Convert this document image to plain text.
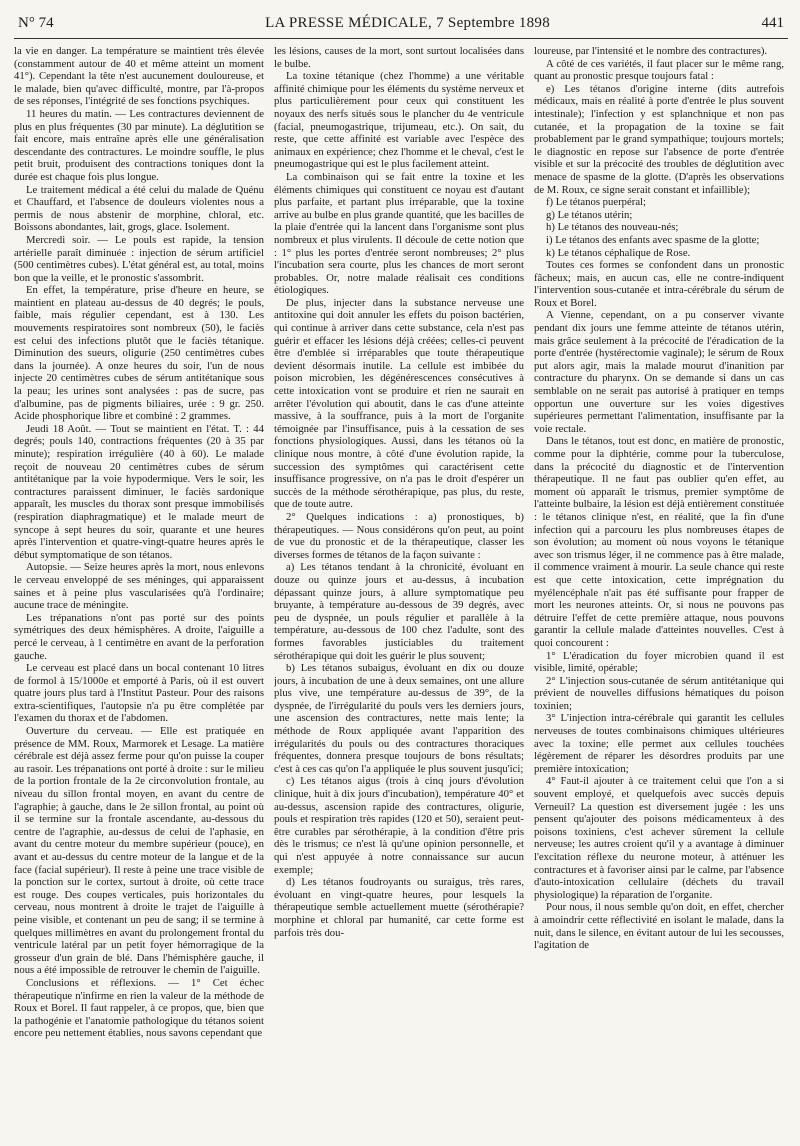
N° 74	LA PRESSE MÉDICALE, 7 Septembre 1898	441

la vie en danger. La température se maintient très élevée (constamment autour de 40 et même atteint un moment 41°). Cependant la tête n'est aucunement douloureuse, et le malade, bien qu'avec difficulté, montre, par l'à-propos de ses réponses, l'intégrité de ses fonctions psychiques.

11 heures du matin. — Les contractures deviennent de plus en plus fréquentes (30 par minute). La déglutition se fait encore, mais entraîne après elle une généralisation descendante des contractures. Le moindre souffle, le plus petit bruit, produisent des contractions toniques dont la durée est chaque fois plus longue.

Le traitement médical a été celui du malade de Quénu et Chauffard, et l'absence de douleurs violentes nous a permis de nous abstenir de morphine, chloral, etc. Boissons abondantes, lait, grogs, glace. Isolement.

Mercredi soir. — Le pouls est rapide, la tension artérielle paraît diminuée : injection de sérum artificiel (500 centimètres cubes). L'état général est, au total, moins bon que la veille, et le pronostic s'assombrit.

En effet, la température, prise d'heure en heure, se maintient en plateau au-dessus de 40 degrés; le pouls, faible, mais régulier cependant, est à 130. Les mouvements respiratoires sont nombreux (50), le faciès est celui des infections plutôt que le faciès tétanique. Diminution des sueurs, oligurie (250 centimètres cubes dans la journée). A onze heures du soir, l'un de nous injecte 20 centimètres cubes de sérum antitétanique sous la peau; les urines sont analysées : pas de sucre, pas d'albumine, pas de pigments biliaires, urée : 9 gr. 250. Acide phosphorique libre et combiné : 2 grammes.

Jeudi 18 Août. — Tout se maintient en l'état. T. : 44 degrés; pouls 140, contractions fréquentes (20 à 35 par minute); respiration irrégulière (40 à 60). Le malade reçoit de nouveau 20 centimètres cubes de sérum antitétanique par la voie hypodermique. Vers le soir, les contractures paraissent diminuer, le faciès sardonique apparaît, les muscles du thorax sont presque immobilisés (respiration diaphragmatique) et le malade meurt de syncope à sept heures du soir, quarante et une heures après l'intervention et quatre-vingt-quatre heures après le début symptomatique de son tétanos.

Autopsie. — Seize heures après la mort, nous enlevons le cerveau enveloppé de ses méninges, qui apparaissent saines et à peine plus vascularisées qu'à l'ordinaire; aucune trace de méningite.

Les trépanations n'ont pas porté sur des points symétriques des deux hémisphères. A droite, l'aiguille a percé le cerveau, à 1 centimètre en avant de la perforation gauche.

Le cerveau est placé dans un bocal contenant 10 litres de formol à 15/1000e et emporté à Paris, où il est ouvert quatre jours plus tard à l'Institut Pasteur. Pour des raisons extra-scientifiques, l'autopsie n'a pu être complétée par l'examen du thorax et de l'abdomen.

Ouverture du cerveau. — Elle est pratiquée en présence de MM. Roux, Marmorek et Lesage. La matière cérébrale est déjà assez ferme pour qu'on puisse la couper au rasoir. Les trépanations ont porté à droite : sur le milieu de la portion frontale de la 2e circonvolution frontale, au niveau du sillon frontal moyen, en avant du centre de l'agraphie; à gauche, dans le 2e sillon frontal, au point où il se termine sur la frontale ascendante, au-dessous du centre de l'agraphie, au-dessus de celui de l'aphasie, en avant du centre moteur du membre supérieur (pouce), en avant et au-dessus du centre moteur de la langue et de la face (facial supérieur). Il reste à peine une trace visible de la ponction sur le cortex, surtout à droite, où cette trace est rouge. Des coupes verticales, puis horizontales du cerveau, nous montrent à droite le trajet de l'aiguille à peine visible, et contenant un peu de sang; il se termine à quelques millimètres en avant du prolongement frontal du ventricule latéral par un petit foyer hémorragique de la grosseur d'un grain de blé. Dans l'hémisphère gauche, il nous a été impossible de retrouver le chemin de l'aiguille.

Conclusions et réflexions. — 1° Cet échec thérapeutique n'infirme en rien la valeur de la méthode de Roux et Borel. Il faut rappeler, à ce propos, que, bien que la pathogénie et l'anatomie pathologique du tétanos soient encore peu nettement établies, nous savons cependant que

les lésions, causes de la mort, sont surtout localisées dans le bulbe.

La toxine tétanique (chez l'homme) a une véritable affinité chimique pour les éléments du système nerveux et plus particulièrement pour ceux qui constituent les noyaux des nerfs situés sous le plancher du 4e ventricule (facial, pneumogastrique, trijumeau, etc.). On sait, du reste, que cette affinité est variable avec l'espèce des animaux en expérience; chez l'homme et le cheval, c'est le pneumogastrique qui est le plus facilement atteint.

La combinaison qui se fait entre la toxine et les éléments chimiques qui constituent ce noyau est d'autant plus parfaite, et partant plus irréparable, que la toxine arrive au bulbe en plus grande quantité, que les bacilles de la plaie d'entrée qui la lancent dans l'organisme sont plus nombreux et plus virulents. Il découle de cette notion que : 1° plus les portes d'entrée seront nombreuses; 2° plus l'incubation sera courte, plus les chances de mort seront probables. Or, notre malade réalisait ces conditions étiologiques.

De plus, injecter dans la substance nerveuse une antitoxine qui doit annuler les effets du poison bactérien, qui continue à arriver dans cette substance, cela n'est pas guérir et effacer les lésions déjà créées; celles-ci peuvent être d'emblée si irréparables que toute thérapeutique devient désormais inutile. La cellule est imbibée du poison microbien, les dégénérescences consécutives à cette intoxication vont se produire et rien ne saurait en arrêter l'évolution qui aboutit, dans le cas d'une atteinte massive, à la souffrance, puis à la mort de l'organite témoignée par l'insuffisance, puis à la cessation de ses fonctions physiologiques. Aussi, dans les tétanos où la clinique nous montre, à côté d'une évolution rapide, la succession des symptômes qui caractérisent cette insuffisance progressive, on n'a pas le droit d'espérer un succès de la méthode sérothérapique, pas plus, du reste, que de toute autre.

2° Quelques indications : a) pronostiques, b) thérapeutiques. — Nous considérons qu'on peut, au point de vue du pronostic et de la thérapeutique, classer les diverses formes de tétanos de la façon suivante :

a) Les tétanos tendant à la chronicité, évoluant en douze ou quinze jours et au-dessus, à incubation dépassant quinze jours, à allure symptomatique peu bruyante, à température au-dessous de 39 degrés, avec peu de dyspnée, un pouls régulier et parallèle à la température, au-dessous de 100 chez l'adulte, sont des formes favorables justiciables du traitement sérothérapique qui doit les guérir le plus souvent;

b) Les tétanos subaigus, évoluant en dix ou douze jours, à incubation de une à deux semaines, ont une allure plus vive, une température au-dessus de 39°, de la dyspnée, de l'irrégularité du pouls vers les derniers jours, une ascension des contractures, nette mais lente; la méthode de Roux appliquée avant l'apparition des irrégularités du pouls ou des contractures thoraciques fréquentes, donnera presque toujours de bons résultats; c'est à ces cas qu'on l'a appliquée le plus souvent jusqu'ici;

c) Les tétanos aigus (trois à cinq jours d'évolution clinique, huit à dix jours d'incubation), température 40° et au-dessus, ascension rapide des contractures, oligurie, pouls et respiration très rapides (120 et 50), seraient peut-être curables par sérothérapie, à la condition d'être pris dès le trismus; ce n'est là qu'une opinion personnelle, et qui n'est appuyée à notre connaissance sur aucun exemple;

d) Les tétanos foudroyants ou suraigus, très rares, évoluant en vingt-quatre heures, pour lesquels la thérapeutique semble actuellement muette (sérothérapie? morphine et chloral par humanité, car cette forme est parfois très dou-

loureuse, par l'intensité et le nombre des contractures).

A côté de ces variétés, il faut placer sur le même rang, quant au pronostic presque toujours fatal :

e) Les tétanos d'origine interne (dits autrefois médicaux, mais en réalité à porte d'entrée le plus souvent intestinale); l'infection y est splanchnique et non pas cutanée, et la propagation de la toxine se fait probablement par le grand sympathique; toujours mortels; le diagnostic en repose sur l'absence de porte d'entrée visible et sur la précocité des troubles de déglutition avec menace de spasme de la glotte. (D'après les observations de M. Roux, ce signe serait constant et infaillible);

f) Le tétanos puerpéral;

g) Le tétanos utérin;

h) Le tétanos des nouveau-nés;

i) Le tétanos des enfants avec spasme de la glotte;

k) Le tétanos céphalique de Rose.

Toutes ces formes se confondent dans un pronostic fâcheux; mais, en aucun cas, elle ne contre-indiquent l'intervention sous-cutanée et intra-cérébrale du sérum de Roux et Borel.

A Vienne, cependant, on a pu conserver vivante pendant dix jours une femme atteinte de tétanos utérin, mais grâce seulement à la précocité de l'éradication de la porte d'entrée (hystérectomie vaginale); le sérum de Roux put alors agir, mais la malade mourut d'inanition par contracture du pharynx. On se demande si dans un cas semblable on ne serait pas autorisé à pratiquer en temps opportun une ouverture sur les voies digestives supérieures permettant l'alimentation, insuffisante par la voie rectale.

Dans le tétanos, tout est donc, en matière de pronostic, comme pour la diphtérie, comme pour la tuberculose, dans la précocité du diagnostic et de l'intervention thérapeutique. Il ne faut pas oublier qu'en effet, au moment où apparaît le trismus, premier symptôme de l'atteinte bulbaire, la lésion est déjà entièrement constituée : le tétanos clinique n'est, en réalité, que la fin d'une infection qui a parcouru les plus nombreuses étapes de son évolution; au moment où nous voyons le tétanique avec son trismus léger, il ne commence pas à être malade, il commence vraiment à mourir. La seule chance qui reste est que cette intoxication, cette imprégnation du myélencéphale n'ait pas été suffisante pour frapper de mort les neurones atteints. Or, si nous ne pouvons pas détruire l'effet de cette première attaque, nous pouvons garantir la cellule malade d'atteintes nouvelles. C'est à quoi concourent :

1° L'éradication du foyer microbien quand il est visible, limité, opérable;

2° L'injection sous-cutanée de sérum antitétanique qui prévient de nouvelles diffusions hématiques du poison toxinien;

3° L'injection intra-cérébrale qui garantit les cellules nerveuses de toutes combinaisons chimiques ultérieures avec la toxine; elle permet aux cellules touchées légèrement de réparer les désordres produits par une première intoxication;

4° Faut-il ajouter à ce traitement celui que l'on a si souvent employé, et quelquefois avec succès depuis Verneuil? La question est diversement jugée : les uns pensent qu'ajouter des poisons médicamenteux à des poisons toxiniens, c'est achever sûrement la cellule nerveuse; les autres croient qu'il y a avantage à diminuer l'excitation réflexe du neurone moteur, à atténuer les contractures et à favoriser ainsi par le calme, par l'absence d'auto-intoxication cellulaire (déchets du travail physiologique) la réparation de l'organite.

Pour nous, il nous semble qu'on doit, en effet, chercher à amoindrir cette réflectivité en isolant le malade, dans la nuit, dans le silence, en évitant autour de lui les secousses, l'agitation de
